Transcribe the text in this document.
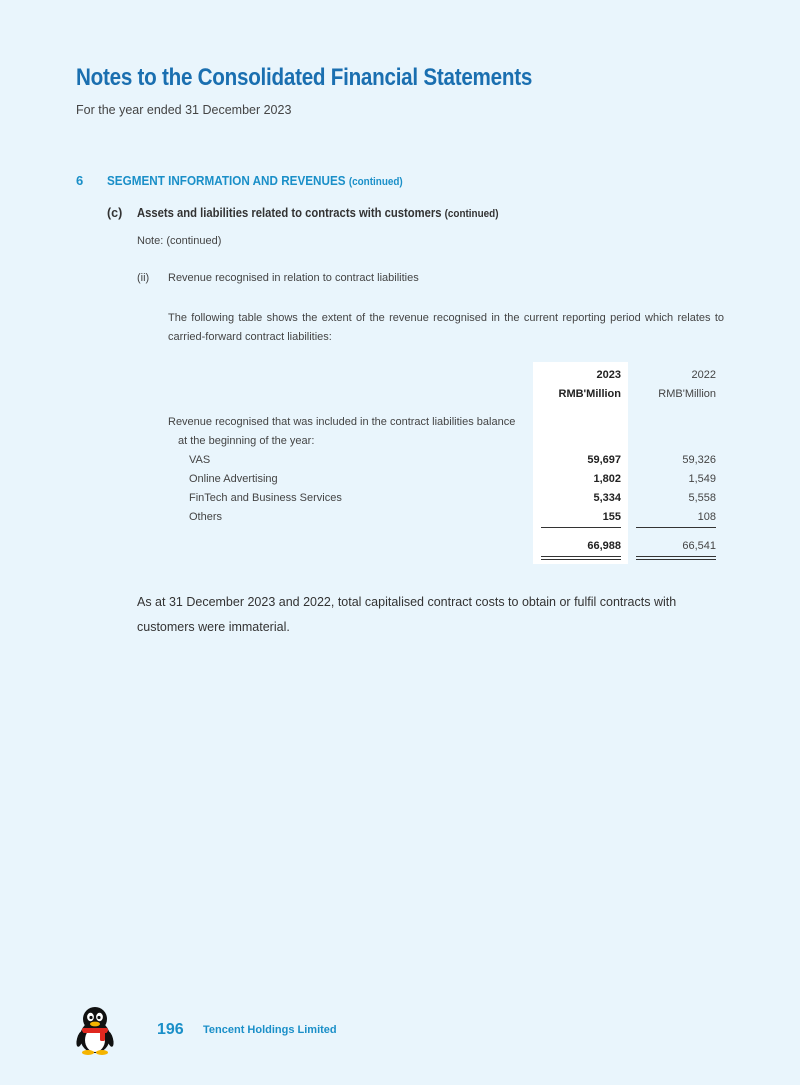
Notes to the Consolidated Financial Statements
For the year ended 31 December 2023
6 SEGMENT INFORMATION AND REVENUES (continued)
(c) Assets and liabilities related to contracts with customers (continued)
Note: (continued)
(ii) Revenue recognised in relation to contract liabilities
The following table shows the extent of the revenue recognised in the current reporting period which relates to carried-forward contract liabilities:
2023	2022
RMB'Million	RMB'Million
Revenue recognised that was included in the contract liabilities balance
at the beginning of the year:
VAS	59,697	59,326
Online Advertising	1,802	1,549
FinTech and Business Services	5,334	5,558
Others	155	108
66,988	66,541
As at 31 December 2023 and 2022, total capitalised contract costs to obtain or fulfil contracts with customers were immaterial.
196 Tencent Holdings Limited
